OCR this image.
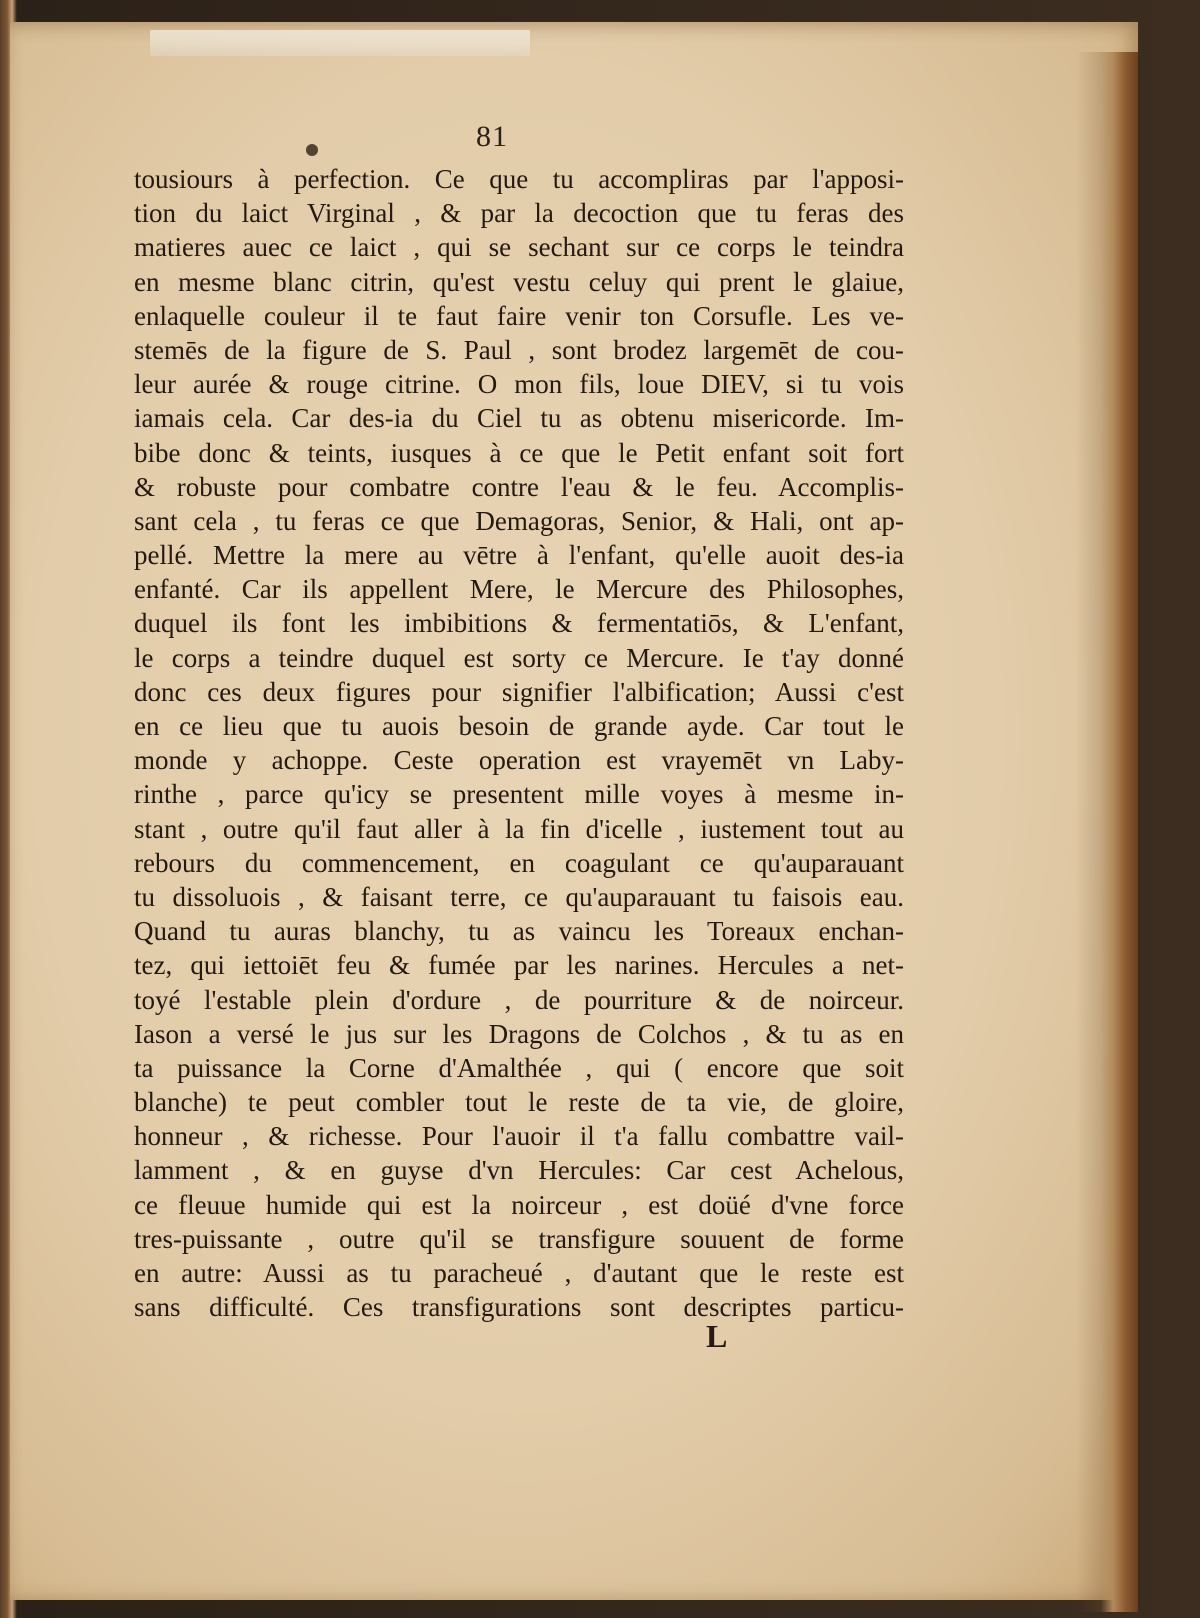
81
tousiours à perfection. Ce que tu accompliras par l'apposi-
tion du laict Virginal , & par la decoction que tu feras des
matieres auec ce laict , qui se sechant sur ce corps le teindra
en mesme blanc citrin, qu'est vestu celuy qui prent le glaiue,
enlaquelle couleur il te faut faire venir ton Corsufle. Les ve-
stemēs de la figure de S. Paul , sont brodez largemēt de cou-
leur aurée & rouge citrine. O mon fils, loue DIEV, si tu vois
iamais cela. Car des-ia du Ciel tu as obtenu misericorde. Im-
bibe donc & teints, iusques à ce que le Petit enfant soit fort
& robuste pour combatre contre l'eau & le feu. Accomplis-
sant cela , tu feras ce que Demagoras, Senior, & Hali, ont ap-
pellé. Mettre la mere au vētre à l'enfant, qu'elle auoit des-ia
enfanté. Car ils appellent Mere, le Mercure des Philosophes,
duquel ils font les imbibitions & fermentatiōs, & L'enfant,
le corps a teindre duquel est sorty ce Mercure. Ie t'ay donné
donc ces deux figures pour signifier l'albification; Aussi c'est
en ce lieu que tu auois besoin de grande ayde. Car tout le
monde y achoppe. Ceste operation est vrayemēt vn Laby-
rinthe , parce qu'icy se presentent mille voyes à mesme in-
stant , outre qu'il faut aller à la fin d'icelle , iustement tout au
rebours du commencement, en coagulant ce qu'auparauant
tu dissoluois , & faisant terre, ce qu'auparauant tu faisois eau.
Quand tu auras blanchy, tu as vaincu les Toreaux enchan-
tez, qui iettoiēt feu & fumée par les narines. Hercules a net-
toyé l'estable plein d'ordure , de pourriture & de noirceur.
Iason a versé le jus sur les Dragons de Colchos , & tu as en
ta puissance la Corne d'Amalthée , qui ( encore que soit
blanche) te peut combler tout le reste de ta vie, de gloire,
honneur , & richesse. Pour l'auoir il t'a fallu combattre vail-
lamment , & en guyse d'vn Hercules: Car cest Achelous,
ce fleuue humide qui est la noirceur , est doüé d'vne force
tres-puissante , outre qu'il se transfigure souuent de forme
en autre: Aussi as tu paracheué , d'autant que le reste est
sans difficulté. Ces transfigurations sont descriptes particu-
L
